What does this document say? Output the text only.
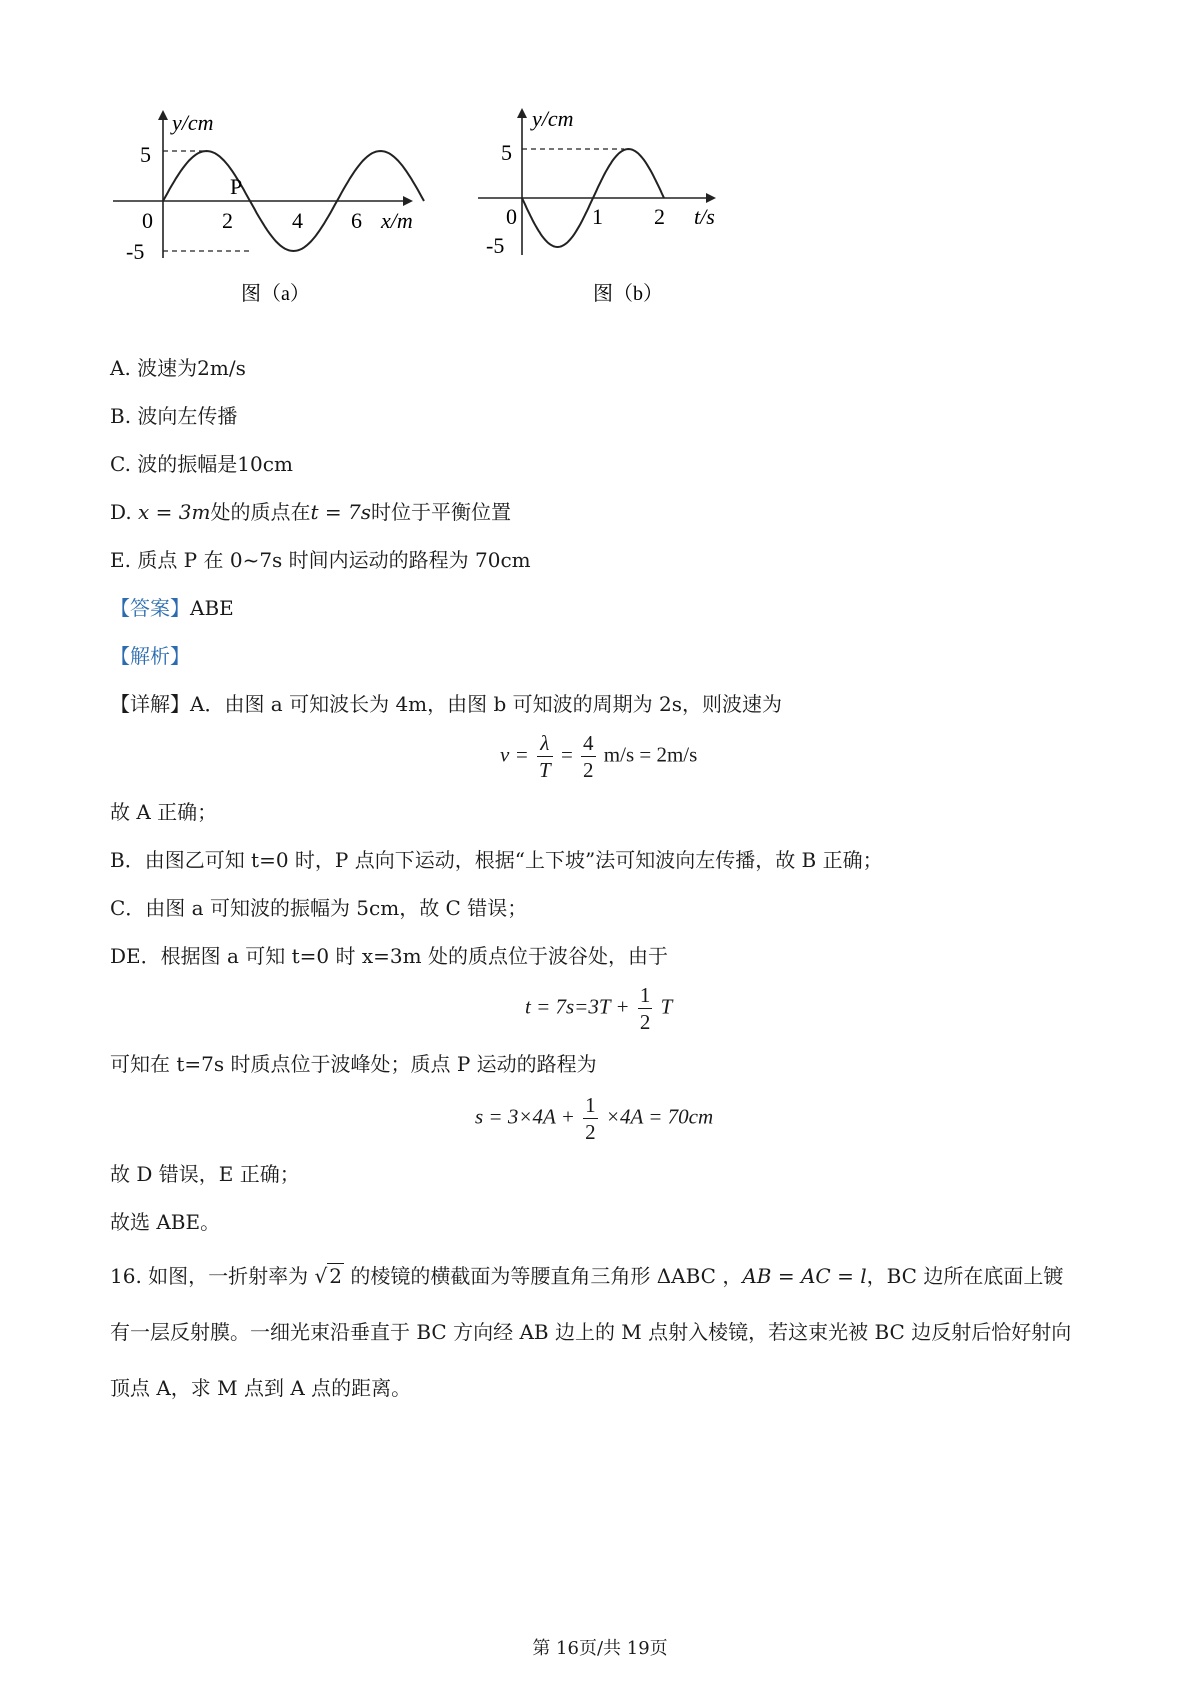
y/cm
5
-5
0	2	4 6 x/m
P
图（a）
y/cm
5
-5
0	1 2 t/s
图（b）
A. 波速为2m/s
B. 波向左传播
C. 波的振幅是10cm
D. x = 3m处的质点在t = 7s时位于平衡位置
E. 质点 P 在 0~7s 时间内运动的路程为 70cm
【答案】ABE
【解析】
【详解】A．由图 a 可知波长为 4m，由图 b 可知波的周期为 2s，则波速为
$v = \frac{\lambda}{T} = \frac{4}{2} m/s = 2m/s$
故 A 正确；
B．由图乙可知 t=0 时，P 点向下运动，根据“上下坡”法可知波向左传播，故 B 正确；
C．由图 a 可知波的振幅为 5cm，故 C 错误；
DE．根据图 a 可知 t=0 时 x=3m 处的质点位于波谷处，由于
$t = 7s=3T + \frac{1}{2}$ T
可知在 t=7s 时质点位于波峰处；质点 P 运动的路程为
$s = 3\times 4A + \frac{1}{2} \times 4A = 70cm$
故 D 错误，E 正确；
故选 ABE。
16. 如图，一折射率为 √ 2 的棱镜的横截面为等腰直角三角形 ΔABC ，AB = AC = l，BC 边所在底面上镀
有一层反射膜。一细光束沿垂直于 BC 方向经 AB 边上的 M 点射入棱镜，若这束光被 BC 边反射后恰好射向
顶点 A，求 M 点到 A 点的距离。
第 16页/共 19页
